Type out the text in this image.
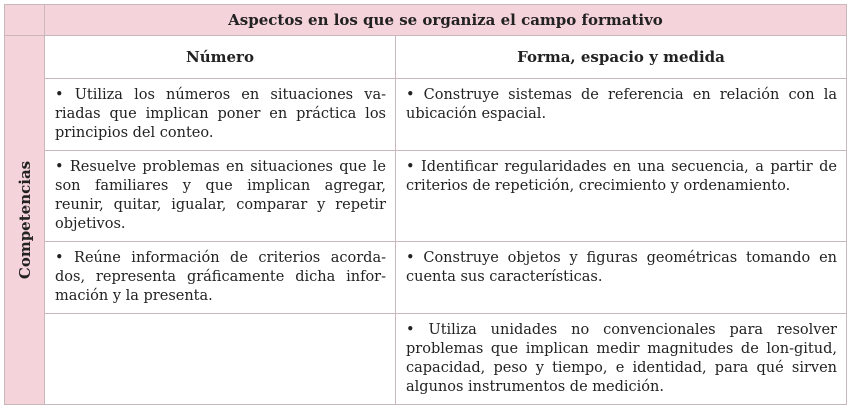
	Aspectos en los que se organiza el campo formativo	

Competencias	Número	Forma, espacio y medida
	• Utiliza los números en situaciones va-riadas que implican poner en práctica los principios del conteo.	• Construye sistemas de referencia en relación con la ubicación espacial.
	• Resuelve problemas en situaciones que le son familiares y que implican agregar, reunir, quitar, igualar, comparar y repetir objetivos.	• Identificar regularidades en una secuencia, a partir de criterios de repetición, crecimiento y ordenamiento.
	• Reúne información de criterios acorda-dos, representa gráficamente dicha infor-mación y la presenta.	• Construye objetos y figuras geométricas tomando en cuenta sus características.
		• Utiliza unidades no convencionales para resolver problemas que implican medir magnitudes de lon-gitud, capacidad, peso y tiempo, e identidad, para qué sirven algunos instrumentos de medición.
